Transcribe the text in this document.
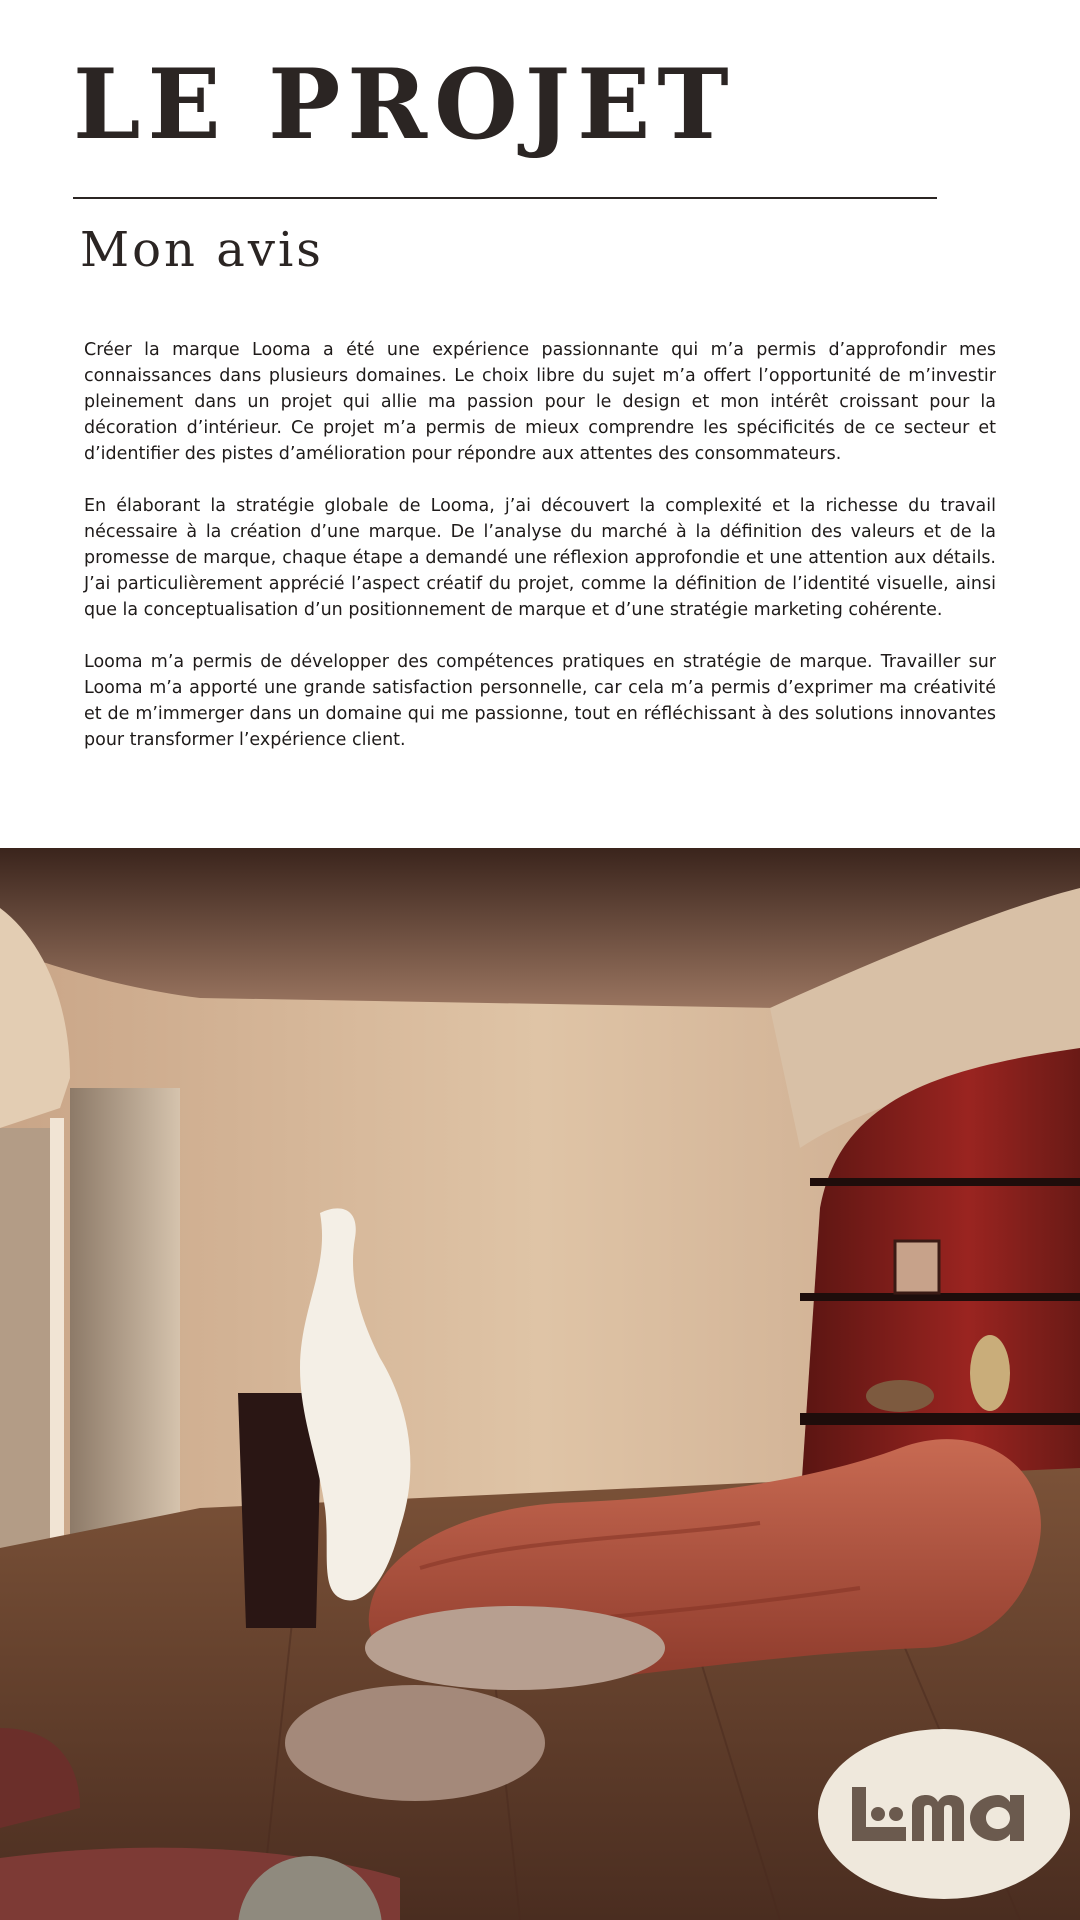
LE PROJET
Mon avis

Créer la marque Looma a été une expérience passionnante qui m’a permis d’approfondir mes connaissances dans plusieurs domaines. Le choix libre du sujet m’a offert l’opportunité de m’investir pleinement dans un projet qui allie ma passion pour le design et mon intérêt croissant pour la décoration d’intérieur. Ce projet m’a permis de mieux comprendre les spécificités de ce secteur et d’identifier des pistes d’amélioration pour répondre aux attentes des consommateurs.

En élaborant la stratégie globale de Looma, j’ai découvert la complexité et la richesse du travail nécessaire à la création d’une marque. De l’analyse du marché à la définition des valeurs et de la promesse de marque, chaque étape a demandé une réflexion approfondie et une attention aux détails. J’ai particulièrement apprécié l’aspect créatif du projet, comme la définition de l’identité visuelle, ainsi que la conceptualisation d’un positionnement de marque et d’une stratégie marketing cohérente.

Looma m’a permis de développer des compétences pratiques en stratégie de marque. Travailler sur Looma m’a apporté une grande satisfaction personnelle, car cela m’a permis d’exprimer ma créativité et de m’immerger dans un domaine qui me passionne, tout en réfléchissant à des solutions innovantes pour transformer l’expérience client.
